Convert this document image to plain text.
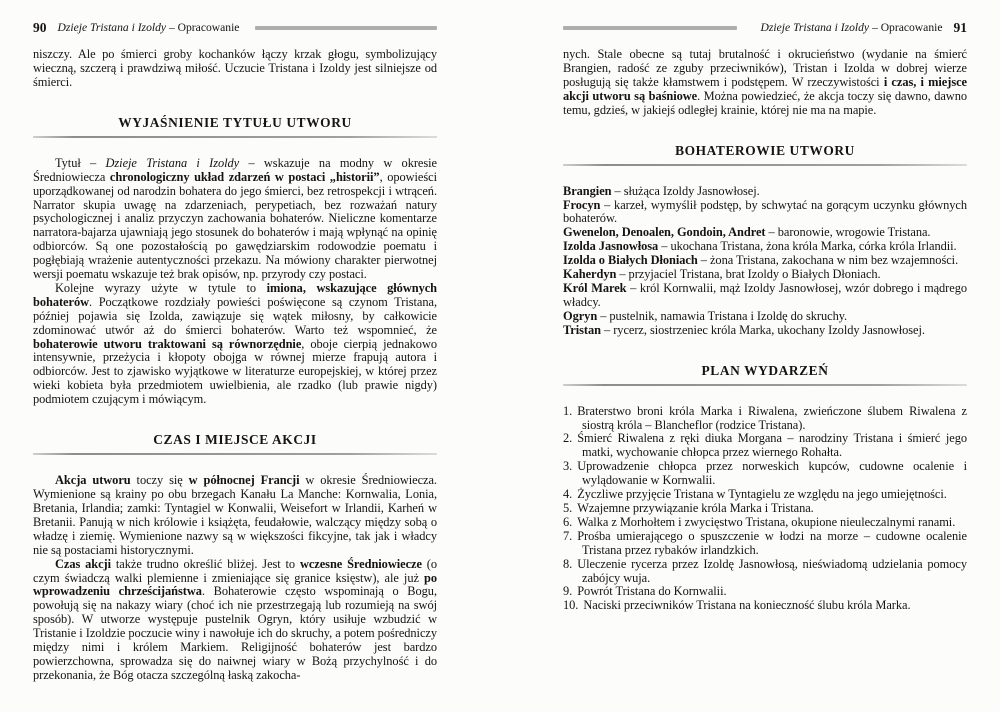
90 Dzieje Tristana i Izoldy – Opracowanie
niszczy. Ale po śmierci groby kochanków łączy krzak głogu, symbolizujący wieczną, szczerą i prawdziwą miłość. Uczucie Tristana i Izoldy jest silniejsze od śmierci.
WYJAŚNIENIE TYTUŁU UTWORU
Tytuł – Dzieje Tristana i Izoldy – wskazuje na modny w okresie Średniowiecza chronologiczny układ zdarzeń w postaci „historii”, opowieści uporządkowanej od narodzin bohatera do jego śmierci, bez retrospekcji i wtrąceń. Narrator skupia uwagę na zdarzeniach, perypetiach, bez rozważań natury psychologicznej i analiz przyczyn zachowania bohaterów. Nieliczne komentarze narratora-bajarza ujawniają jego stosunek do bohaterów i mają wpłynąć na opinię odbiorców. Są one pozostałością po gawędziarskim rodowodzie poematu i pogłębiają wrażenie autentyczności przekazu. Na mówiony charakter pierwotnej wersji poematu wskazuje też brak opisów, np. przyrody czy postaci.
Kolejne wyrazy użyte w tytule to imiona, wskazujące głównych bohaterów. Początkowe rozdziały powieści poświęcone są czynom Tristana, później pojawia się Izolda, zawiązuje się wątek miłosny, by całkowicie zdominować utwór aż do śmierci bohaterów. Warto też wspomnieć, że bohaterowie utworu traktowani są równorzędnie, oboje cierpią jednakowo intensywnie, przeżycia i kłopoty obojga w równej mierze frapują autora i odbiorców. Jest to zjawisko wyjątkowe w literaturze europejskiej, w której przez wieki kobieta była przedmiotem uwielbienia, ale rzadko (lub prawie nigdy) podmiotem czującym i mówiącym.
CZAS I MIEJSCE AKCJI
Akcja utworu toczy się w północnej Francji w okresie Średniowiecza. Wymienione są krainy po obu brzegach Kanału La Manche: Kornwalia, Lonia, Bretania, Irlandia; zamki: Tyntagiel w Konwalii, Weisefort w Irlandii, Karheń w Bretanii. Panują w nich królowie i książęta, feudałowie, walczący między sobą o władzę i ziemię. Wymienione nazwy są w większości fikcyjne, tak jak i władcy nie są postaciami historycznymi.
Czas akcji także trudno określić bliżej. Jest to wczesne Średniowiecze (o czym świadczą walki plemienne i zmieniające się granice księstw), ale już po wprowadzeniu chrześcijaństwa. Bohaterowie często wspominają o Bogu, powołują się na nakazy wiary (choć ich nie przestrzegają lub rozumieją na swój sposób). W utworze występuje pustelnik Ogryn, który usiłuje wzbudzić w Tristanie i Izoldzie poczucie winy i nawołuje ich do skruchy, a potem pośredniczy między nimi i królem Markiem. Religijność bohaterów jest bardzo powierzchowna, sprowadza się do naiwnej wiary w Bożą przychylność i do przekonania, że Bóg otacza szczególną łaską zakocha-
Dzieje Tristana i Izoldy – Opracowanie 91
nych. Stale obecne są tutaj brutalność i okrucieństwo (wydanie na śmierć Brangien, radość ze zguby przeciwników), Tristan i Izolda w dobrej wierze posługują się także kłamstwem i podstępem. W rzeczywistości i czas, i miejsce akcji utworu są baśniowe. Można powiedzieć, że akcja toczy się dawno, dawno temu, gdzieś, w jakiejś odległej krainie, której nie ma na mapie.
BOHATEROWIE UTWORU
Brangien – służąca Izoldy Jasnowłosej.
Frocyn – karzeł, wymyślił podstęp, by schwytać na gorącym uczynku głównych bohaterów.
Gwenelon, Denoalen, Gondoin, Andret – baronowie, wrogowie Tristana.
Izolda Jasnowłosa – ukochana Tristana, żona króla Marka, córka króla Irlandii.
Izolda o Białych Dłoniach – żona Tristana, zakochana w nim bez wzajemności.
Kaherdyn – przyjaciel Tristana, brat Izoldy o Białych Dłoniach.
Król Marek – król Kornwalii, mąż Izoldy Jasnowłosej, wzór dobrego i mądrego władcy.
Ogryn – pustelnik, namawia Tristana i Izoldę do skruchy.
Tristan – rycerz, siostrzeniec króla Marka, ukochany Izoldy Jasnowłosej.
PLAN WYDARZEŃ
1. Braterstwo broni króla Marka i Riwalena, zwieńczone ślubem Riwalena z siostrą króla – Blancheflor (rodzice Tristana).
2. Śmierć Riwalena z ręki diuka Morgana – narodziny Tristana i śmierć jego matki, wychowanie chłopca przez wiernego Rohałta.
3. Uprowadzenie chłopca przez norweskich kupców, cudowne ocalenie i wylądowanie w Kornwalii.
4. Życzliwe przyjęcie Tristana w Tyntagielu ze względu na jego umiejętności.
5. Wzajemne przywiązanie króla Marka i Tristana.
6. Walka z Morhołtem i zwycięstwo Tristana, okupione nieuleczalnymi ranami.
7. Prośba umierającego o spuszczenie w łodzi na morze – cudowne ocalenie Tristana przez rybaków irlandzkich.
8. Uleczenie rycerza przez Izoldę Jasnowłosą, nieświadomą udzielania pomocy zabójcy wuja.
9. Powrót Tristana do Kornwalii.
10. Naciski przeciwników Tristana na konieczność ślubu króla Marka.
